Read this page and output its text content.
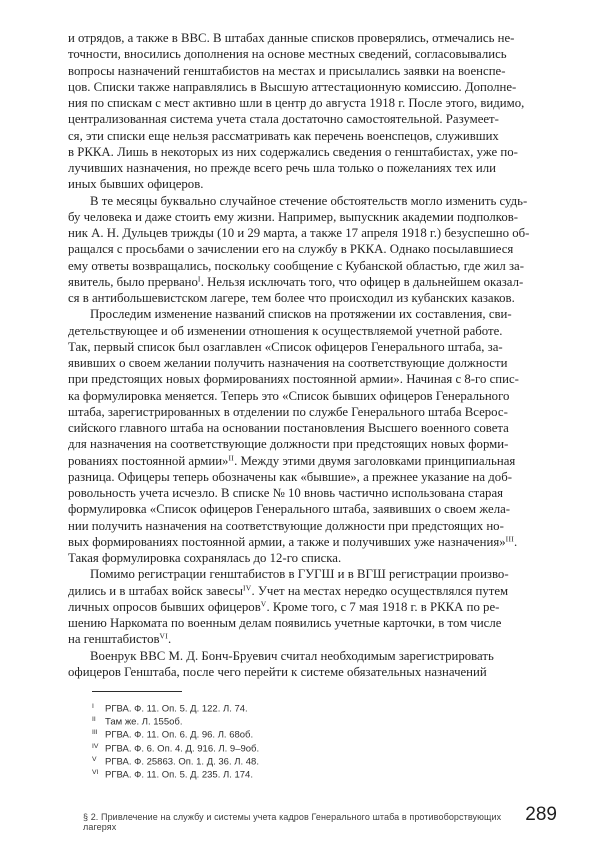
и отрядов, а также в ВВС. В штабах данные списков проверялись, отмечались не-
точности, вносились дополнения на основе местных сведений, согласовывались
вопросы назначений генштабистов на местах и присылались заявки на военспе-
цов. Списки также направлялись в Высшую аттестационную комиссию. Дополне-
ния по спискам с мест активно шли в центр до августа 1918 г. После этого, видимо,
централизованная система учета стала достаточно самостоятельной. Разумеет-
ся, эти списки еще нельзя рассматривать как перечень военспецов, служивших
в РККА. Лишь в некоторых из них содержались сведения о генштабистах, уже по-
лучивших назначения, но прежде всего речь шла только о пожеланиях тех или
иных бывших офицеров.
В те месяцы буквально случайное стечение обстоятельств могло изменить судь-
бу человека и даже стоить ему жизни. Например, выпускник академии подполков-
ник А. Н. Дульцев трижды (10 и 29 марта, а также 17 апреля 1918 г.) безуспешно об-
ращался с просьбами о зачислении его на службу в РККА. Однако посылавшиеся
ему ответы возвращались, поскольку сообщение с Кубанской областью, где жил за-
явитель, было прервано$^I$. Нельзя исключать того, что офицер в дальнейшем оказал-
ся в антибольшевистском лагере, тем более что происходил из кубанских казаков.
Проследим изменение названий списков на протяжении их составления, сви-
детельствующее и об изменении отношения к осуществляемой учетной работе.
Так, первый список был озаглавлен «Список офицеров Генерального штаба, за-
явивших о своем желании получить назначения на соответствующие должности
при предстоящих новых формированиях постоянной армии». Начиная с 8-го спис-
ка формулировка меняется. Теперь это «Список бывших офицеров Генерального
штаба, зарегистрированных в отделении по службе Генерального штаба Всерос-
сийского главного штаба на основании постановления Высшего военного совета
для назначения на соответствующие должности при предстоящих новых форми-
рованиях постоянной армии»$^{II}$. Между этими двумя заголовками принципиальная
разница. Офицеры теперь обозначены как «бывшие», а прежнее указание на доб-
ровольность учета исчезло. В списке № 10 вновь частично использована старая
формулировка «Список офицеров Генерального штаба, заявивших о своем жела-
нии получить назначения на соответствующие должности при предстоящих но-
вых формированиях постоянной армии, а также и получивших уже назначения»$^{III}$.
Такая формулировка сохранялась до 12-го списка.
Помимо регистрации генштабистов в ГУГШ и в ВГШ регистрации произво-
дились и в штабах войск завесы$^{IV}$. Учет на местах нередко осуществлялся путем
личных опросов бывших офицеров$^V$. Кроме того, с 7 мая 1918 г. в РККА по ре-
шению Наркомата по военным делам появились учетные карточки, в том числе
на генштабистов$^{VI}$.
Военрук ВВС М. Д. Бонч-Бруевич считал необходимым зарегистрировать
офицеров Генштаба, после чего перейти к системе обязательных назначений
I РГВА. Ф. 11. Оп. 5. Д. 122. Л. 74.
II Там же. Л. 155об.
III РГВА. Ф. 11. Оп. 6. Д. 96. Л. 68об.
IV РГВА. Ф. 6. Оп. 4. Д. 916. Л. 9–9об.
V РГВА. Ф. 25863. Оп. 1. Д. 36. Л. 48.
VI РГВА. Ф. 11. Оп. 5. Д. 235. Л. 174.
§ 2. Привлечение на службу и системы учета кадров Генерального штаба в противоборствующих лагерях
289
